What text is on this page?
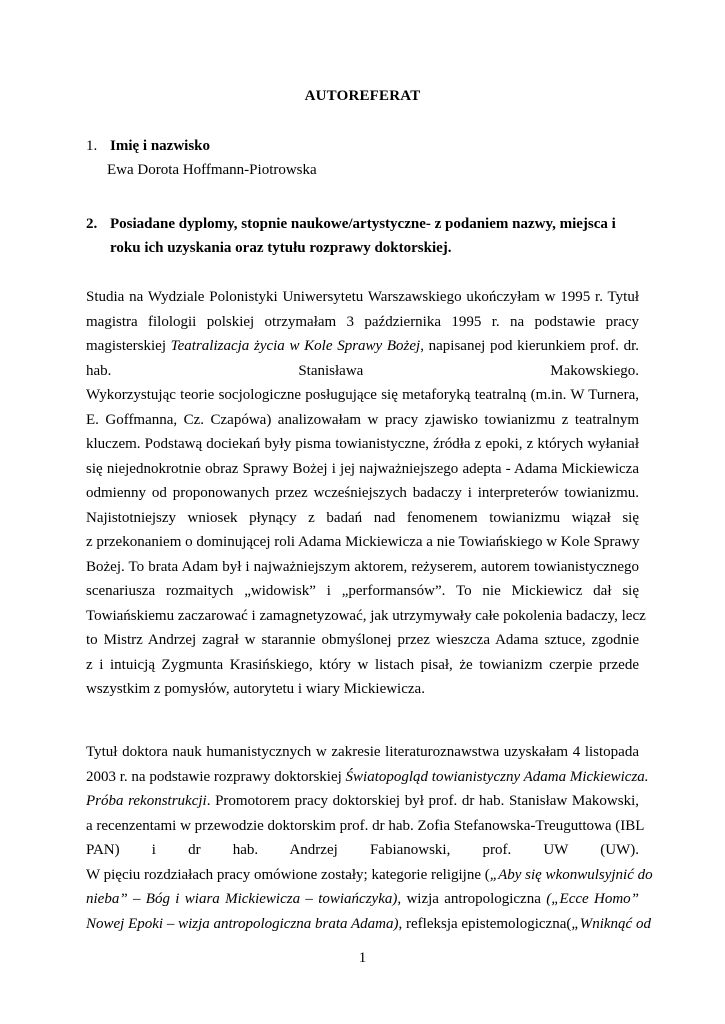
AUTOREFERAT
1. Imię i nazwisko
Ewa Dorota Hoffmann-Piotrowska
2. Posiadane dyplomy, stopnie naukowe/artystyczne- z podaniem nazwy, miejsca i
roku ich uzyskania oraz tytułu rozprawy doktorskiej.
Studia na Wydziale Polonistyki Uniwersytetu Warszawskiego ukończyłam w 1995 r. Tytuł
magistra filologii polskiej otrzymałam 3 października 1995 r. na podstawie pracy
magisterskiej Teatralizacja życia w Kole Sprawy Bożej, napisanej pod kierunkiem prof. dr.
hab. Stanisława Makowskiego.
Wykorzystując teorie socjologiczne posługujące się metaforyką teatralną (m.in. W Turnera,
E. Goffmanna, Cz. Czapówa) analizowałam w pracy zjawisko towianizmu z teatralnym
kluczem. Podstawą dociekań były pisma towianistyczne, źródła z epoki, z których wyłaniał
się niejednokrotnie obraz Sprawy Bożej i jej najważniejszego adepta - Adama Mickiewicza
odmienny od proponowanych przez wcześniejszych badaczy i interpreterów towianizmu.
Najistotniejszy wniosek płynący z badań nad fenomenem towianizmu wiązał się
z przekonaniem o dominującej roli Adama Mickiewicza a nie Towiańskiego w Kole Sprawy
Bożej. To brata Adam był i najważniejszym aktorem, reżyserem, autorem towianistycznego
scenariusza rozmaitych „widowisk” i „performansów”. To nie Mickiewicz dał się
Towiańskiemu zaczarować i zamagnetyzować, jak utrzymywały całe pokolenia badaczy, lecz
to Mistrz Andrzej zagrał w starannie obmyślonej przez wieszcza Adama sztuce, zgodnie
z i intuicją Zygmunta Krasińskiego, który w listach pisał, że towianizm czerpie przede
wszystkim z pomysłów, autorytetu i wiary Mickiewicza.
Tytuł doktora nauk humanistycznych w zakresie literaturoznawstwa uzyskałam 4 listopada
2003 r. na podstawie rozprawy doktorskiej Światopogląd towianistyczny Adama Mickiewicza.
Próba rekonstrukcji. Promotorem pracy doktorskiej był prof. dr hab. Stanisław Makowski,
a recenzentami w przewodzie doktorskim prof. dr hab. Zofia Stefanowska-Treuguttowa (IBL
PAN) i dr hab. Andrzej Fabianowski, prof. UW (UW).
W pięciu rozdziałach pracy omówione zostały; kategorie religijne („Aby się wkonwulsyjnić do
nieba” – Bóg i wiara Mickiewicza – towiańczyka), wizja antropologiczna („Ecce Homo”
Nowej Epoki – wizja antropologiczna brata Adama), refleksja epistemologiczna(„Wniknąć od
1
